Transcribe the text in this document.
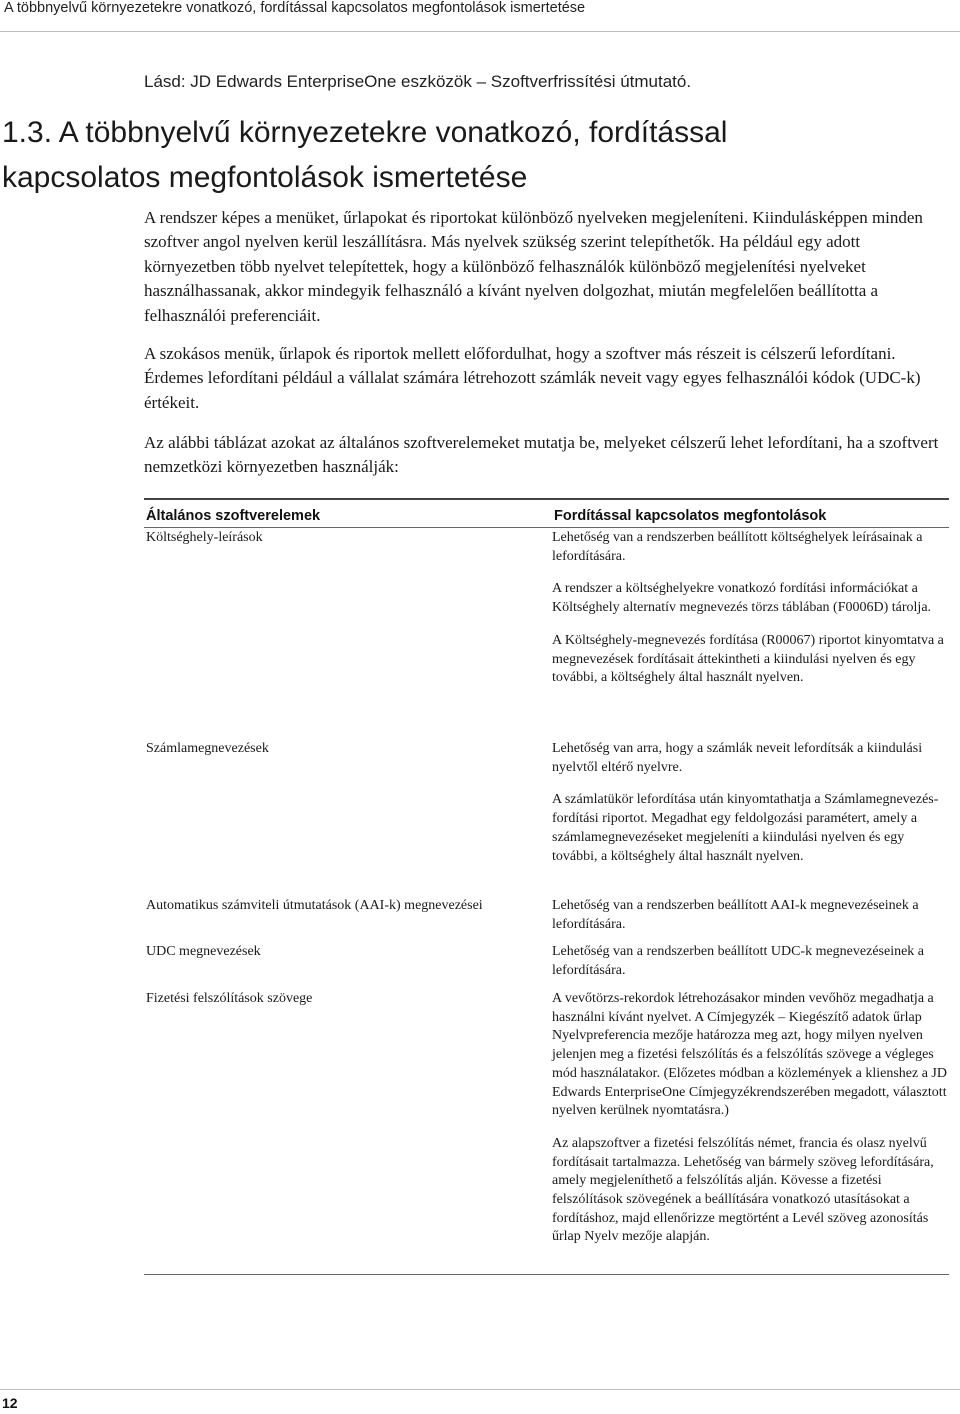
A többnyelvű környezetekre vonatkozó, fordítással kapcsolatos megfontolások ismertetése
Lásd: JD Edwards EnterpriseOne eszközök – Szoftverfrissítési útmutató.
1.3. A többnyelvű környezetekre vonatkozó, fordítással
kapcsolatos megfontolások ismertetése

A rendszer képes a menüket, űrlapokat és riportokat különböző nyelveken megjeleníteni. Kiindulásképpen minden szoftver angol nyelven kerül leszállításra. Más nyelvek szükség szerint telepíthetők. Ha például egy adott környezetben több nyelvet telepítettek, hogy a különböző felhasználók különböző megjelenítési nyelveket használhassanak, akkor mindegyik felhasználó a kívánt nyelven dolgozhat, miután megfelelően beállította a felhasználói preferenciáit.

A szokásos menük, űrlapok és riportok mellett előfordulhat, hogy a szoftver más részeit is célszerű lefordítani. Érdemes lefordítani például a vállalat számára létrehozott számlák neveit vagy egyes felhasználói kódok (UDC-k) értékeit.

Az alábbi táblázat azokat az általános szoftverelemeket mutatja be, melyeket célszerű lehet lefordítani, ha a szoftvert nemzetközi környezetben használják:

Általános szoftverelemek	Fordítással kapcsolatos megfontolások
Költséghely-leírások	Lehetőség van a rendszerben beállított költséghelyek leírásainak a lefordítására.

A rendszer a költséghelyekre vonatkozó fordítási információkat a Költséghely alternatív megnevezés törzs táblában (F0006D) tárolja.

A Költséghely-megnevezés fordítása (R00067) riportot kinyomtatva a megnevezések fordításait áttekintheti a kiindulási nyelven és egy további, a költséghely által használt nyelven.

Számlamegnevezések	Lehetőség van arra, hogy a számlák neveit lefordítsák a kiindulási nyelvtől eltérő nyelvre.

A számlatükör lefordítása után kinyomtathatja a Számlamegnevezés-fordítási riportot. Megadhat egy feldolgozási paramétert, amely a számlamegnevezéseket megjeleníti a kiindulási nyelven és egy további, a költséghely által használt nyelven.

Automatikus számviteli útmutatások (AAI-k) megnevezései	Lehetőség van a rendszerben beállított AAI-k megnevezéseinek a lefordítására.

UDC megnevezések	Lehetőség van a rendszerben beállított UDC-k megnevezéseinek a lefordítására.

Fizetési felszólítások szövege	A vevőtörzs-rekordok létrehozásakor minden vevőhöz megadhatja a használni kívánt nyelvet. A Címjegyzék – Kiegészítő adatok űrlap Nyelvpreferencia mezője határozza meg azt, hogy milyen nyelven jelenjen meg a fizetési felszólítás és a felszólítás szövege a végleges mód használatakor. (Előzetes módban a közlemények a klienshez a JD Edwards EnterpriseOne Címjegyzékrendszerében megadott, választott nyelven kerülnek nyomtatásra.)

Az alapszoftver a fizetési felszólítás német, francia és olasz nyelvű fordításait tartalmazza. Lehetőség van bármely szöveg lefordítására, amely megjeleníthető a felszólítás alján. Kövesse a fizetési felszólítások szövegének a beállítására vonatkozó utasításokat a fordításhoz, majd ellenőrizze megtörtént a Levél szöveg azonosítás űrlap Nyelv mezője alapján.

12
